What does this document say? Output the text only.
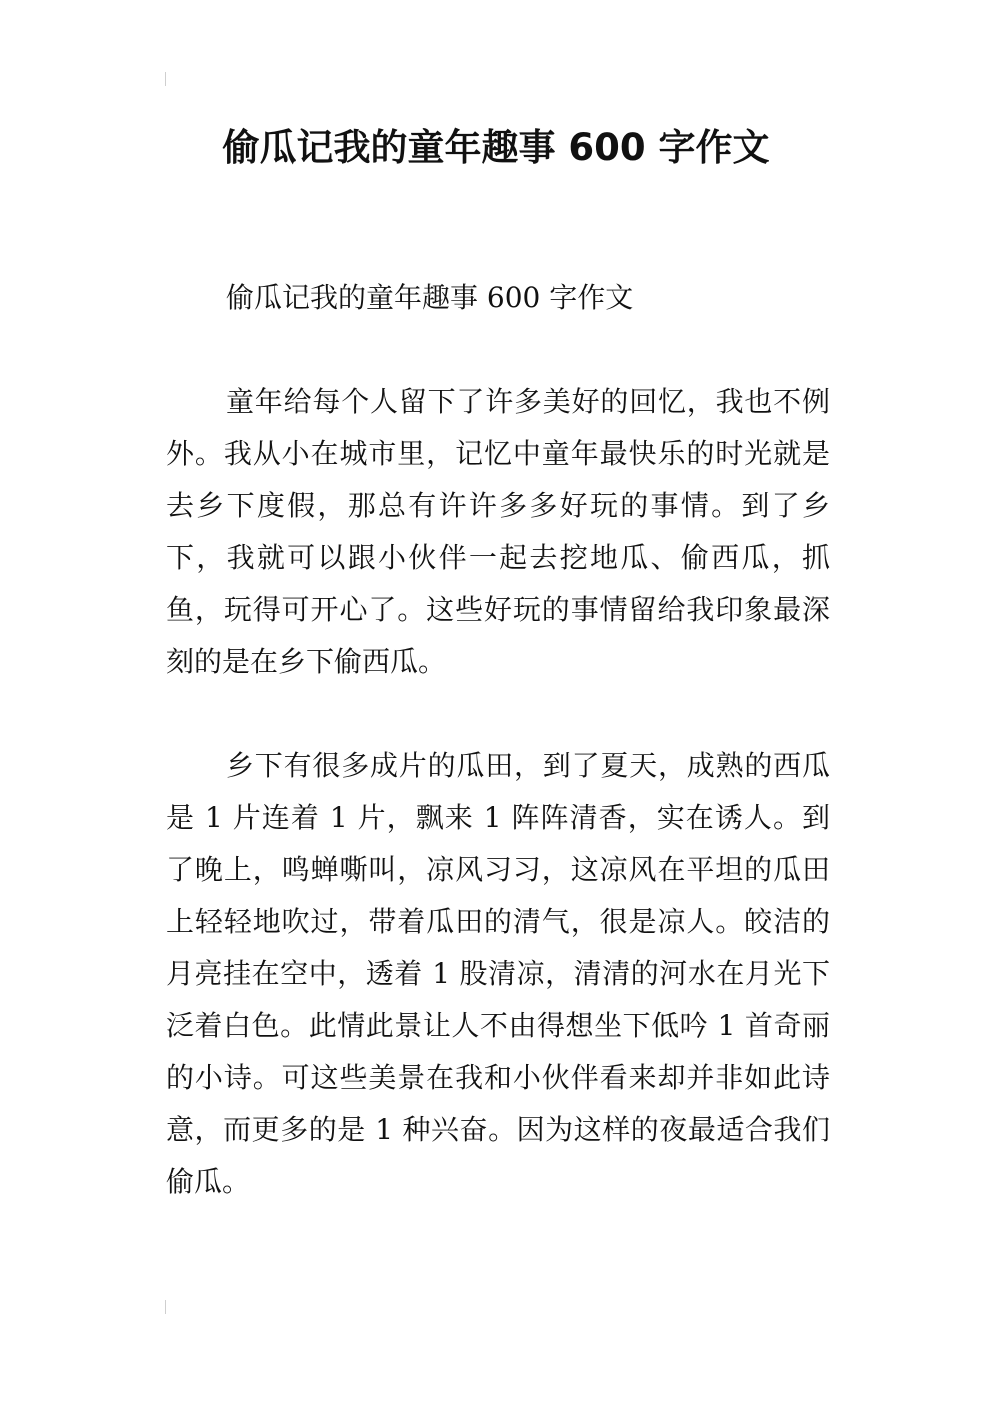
偷瓜记我的童年趣事 600 字作文

偷瓜记我的童年趣事 600 字作文

童年给每个人留下了许多美好的回忆，我也不例外。我从小在城市里，记忆中童年最快乐的时光就是去乡下度假，那总有许许多多好玩的事情。到了乡下，我就可以跟小伙伴一起去挖地瓜、偷西瓜，抓鱼，玩得可开心了。这些好玩的事情留给我印象最深刻的是在乡下偷西瓜。

乡下有很多成片的瓜田，到了夏天，成熟的西瓜是 1 片连着 1 片，飘来 1 阵阵清香，实在诱人。到了晚上，鸣蝉嘶叫，凉风习习，这凉风在平坦的瓜田上轻轻地吹过，带着瓜田的清气，很是凉人。皎洁的月亮挂在空中，透着 1 股清凉，清清的河水在月光下泛着白色。此情此景让人不由得想坐下低吟 1 首奇丽的小诗。可这些美景在我和小伙伴看来却并非如此诗意，而更多的是 1 种兴奋。因为这样的夜最适合我们偷瓜。
